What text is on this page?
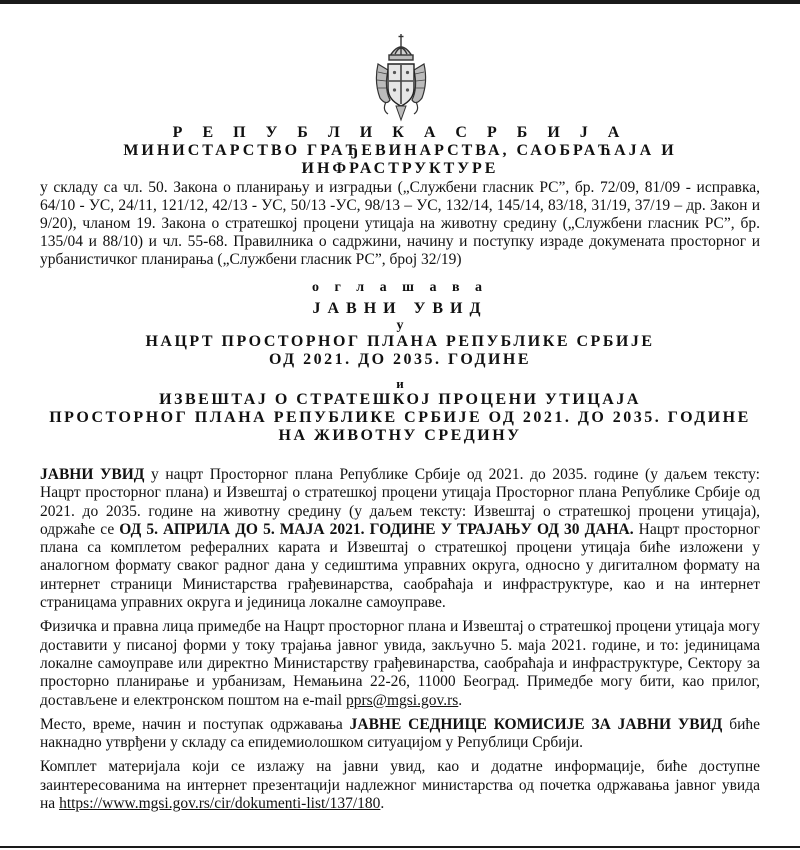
Р Е П У Б Л И К А С Р Б И Ј А
МИНИСТАРСТВО ГРАЂЕВИНАРСТВА, САОБРАЋАЈА И
ИНФРАСТРУКТУРЕ
у складу са чл. 50. Закона о планирању и изградњи („Службени гласник РС”, бр. 72/09, 81/09 - исправка, 64/10 - УС, 24/11, 121/12, 42/13 - УС, 50/13 -УС, 98/13 – УС, 132/14, 145/14, 83/18, 31/19, 37/19 – др. Закон и 9/20), чланом 19. Закона о стратешкој процени утицаја на животну средину („Службени гласник РС”, бр. 135/04 и 88/10) и чл. 55-68. Правилника о садржини, начину и поступку израде докумената просторног и урбанистичког планирања („Службени гласник РС”, број 32/19)
о г л а ш а в а
ЈАВНИ УВИД
у
НАЦРТ ПРОСТОРНОГ ПЛАНА РЕПУБЛИКЕ СРБИЈЕ
ОД 2021. ДО 2035. ГОДИНЕ
и
ИЗВЕШТАЈ О СТРАТЕШКОЈ ПРОЦЕНИ УТИЦАЈА
ПРОСТОРНОГ ПЛАНА РЕПУБЛИКЕ СРБИЈЕ ОД 2021. ДО 2035. ГОДИНЕ
НА ЖИВОТНУ СРЕДИНУ

ЈАВНИ УВИД у нацрт Просторног плана Републике Србије од 2021. до 2035. године (у даљем тексту: Нацрт просторног плана) и Извештај о стратешкој процени утицаја Просторног плана Републике Србије од 2021. до 2035. године на животну средину (у даљем тексту: Извештај о стратешкој процени утицаја), одржаће се ОД 5. АПРИЛА ДО 5. МАЈА 2021. ГОДИНЕ У ТРАЈАЊУ ОД 30 ДАНА. Нацрт просторног плана са комплетом реферaлних карата и Извештај о стратешкој процени утицаја биће изложени у аналогном формату сваког радног дана у седиштима управних округа, односно у дигиталном формату на интернет страници Министарства грађевинарства, саобраћаја и инфраструктуре, као и на интернет страницама управних округа и јединица локалне самоуправе.

Физичка и правна лица примедбе на Нацрт просторног плана и Извештај о стратешкој процени утицаја могу доставити у писаној форми у току трајања јавног увида, закључно 5. маја 2021. године, и то: јединицама локалне самоуправе или директно Министарству грађевинарства, саобраћаја и инфраструктуре, Сектору за просторно планирање и урбанизам, Немањина 22-26, 11000 Београд. Примедбе могу бити, као прилог, достављене и електронском поштом на e-mail pprs@mgsi.gov.rs.

Место, време, начин и поступак одржавања ЈАВНЕ СЕДНИЦЕ КОМИСИЈЕ ЗА ЈАВНИ УВИД биће накнадно утврђени у складу са епидемиолошком ситуацијом у Републици Србији.

Комплет материјала који се излажу на јавни увид, као и додатне информације, биће доступне заинтересованима на интернет презентацији надлежног министарства од почетка одржавања јавног увида на https://www.mgsi.gov.rs/cir/dokumenti-list/137/180.
